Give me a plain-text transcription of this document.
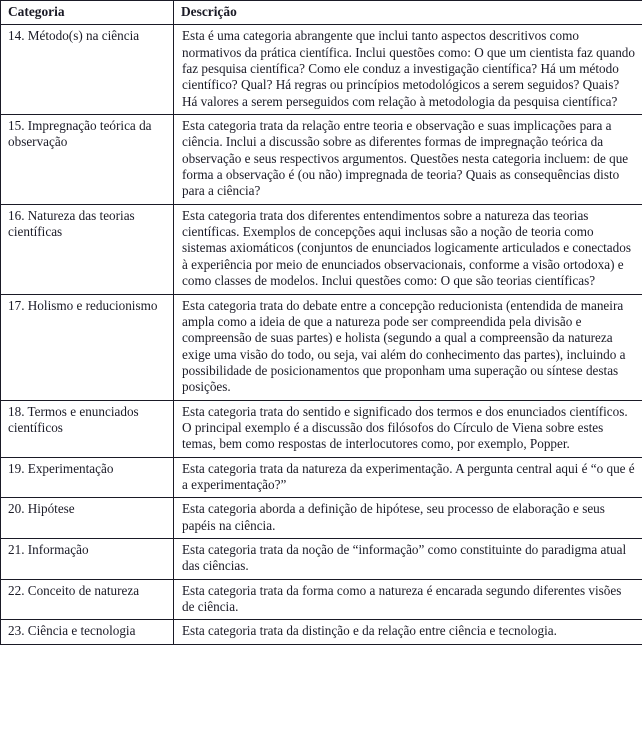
Categoria	Descrição
14. Método(s) na ciência	Esta é uma categoria abrangente que inclui tanto aspectos descritivos como normativos da prática científica. Inclui questões como: O que um cientista faz quando faz pesquisa científica? Como ele conduz a investigação científica? Há um método científico? Qual? Há regras ou princípios metodológicos a serem seguidos? Quais? Há valores a serem perseguidos com relação à metodologia da pesquisa científica?
15. Impregnação teórica da observação	Esta categoria trata da relação entre teoria e observação e suas implicações para a ciência. Inclui a discussão sobre as diferentes formas de impregnação teórica da observação e seus respectivos argumentos. Questões nesta categoria incluem: de que forma a observação é (ou não) impregnada de teoria? Quais as consequências disto para a ciência?
16. Natureza das teorias científicas	Esta categoria trata dos diferentes entendimentos sobre a natureza das teorias científicas. Exemplos de concepções aqui inclusas são a noção de teoria como sistemas axiomáticos (conjuntos de enunciados logicamente articulados e conectados à experiência por meio de enunciados observacionais, conforme a visão ortodoxa) e como classes de modelos. Inclui questões como: O que são teorias científicas?
17. Holismo e reducionismo	Esta categoria trata do debate entre a concepção reducionista (entendida de maneira ampla como a ideia de que a natureza pode ser compreendida pela divisão e compreensão de suas partes) e holista (segundo a qual a compreensão da natureza exige uma visão do todo, ou seja, vai além do conhecimento das partes), incluindo a possibilidade de posicionamentos que proponham uma superação ou síntese destas posições.
18. Termos e enunciados científicos	Esta categoria trata do sentido e significado dos termos e dos enunciados científicos. O principal exemplo é a discussão dos filósofos do Círculo de Viena sobre estes temas, bem como respostas de interlocutores como, por exemplo, Popper.
19. Experimentação	Esta categoria trata da natureza da experimentação. A pergunta central aqui é “o que é a experimentação?”
20. Hipótese	Esta categoria aborda a definição de hipótese, seu processo de elaboração e seus papéis na ciência.
21. Informação	Esta categoria trata da noção de “informação” como constituinte do paradigma atual das ciências.
22. Conceito de natureza	Esta categoria trata da forma como a natureza é encarada segundo diferentes visões de ciência.
23. Ciência e tecnologia	Esta categoria trata da distinção e da relação entre ciência e tecnologia.
